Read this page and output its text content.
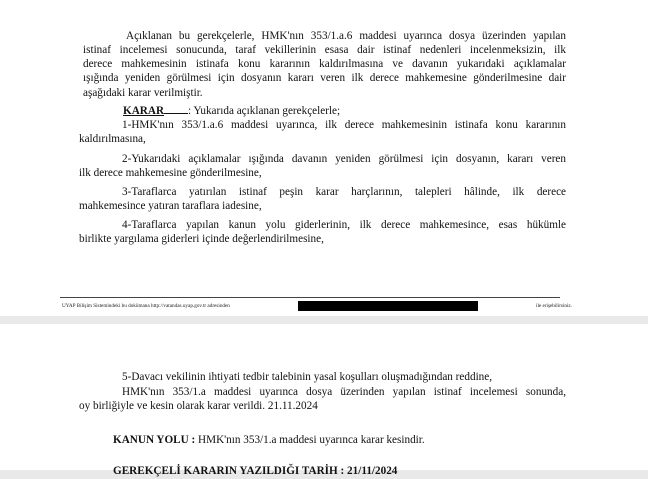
Açıklanan bu gerekçelerle, HMK'nın 353/1.a.6 maddesi uyarınca dosya üzerinden yapılan
istinaf incelemesi sonucunda, taraf vekillerinin esasa dair istinaf nedenleri incelenmeksizin, ilk
derece mahkemesinin istinafa konu kararının kaldırılmasına ve davanın yukarıdaki açıklamalar
ışığında yeniden görülmesi için dosyanın kararı veren ilk derece mahkemesine gönderilmesine dair
aşağıdaki karar verilmiştir.
KARAR : Yukarıda açıklanan gerekçelerle;
1-HMK'nın 353/1.a.6 maddesi uyarınca, ilk derece mahkemesinin istinafa konu kararının
kaldırılmasına,
2-Yukarıdaki açıklamalar ışığında davanın yeniden görülmesi için dosyanın, kararı veren
ilk derece mahkemesine gönderilmesine,
3-Taraflarca yatırılan istinaf peşin karar harçlarının, talepleri hâlinde, ilk derece
mahkemesince yatıran taraflara iadesine,
4-Taraflarca yapılan kanun yolu giderlerinin, ilk derece mahkemesince, esas hükümle
birlikte yargılama giderleri içinde değerlendirilmesine,
UYAP Bilişim Sistemindeki bu dokümana http://vatandas.uyap.gov.tr adresinden	ile erişebilirsiniz.
5-Davacı vekilinin ihtiyati tedbir talebinin yasal koşulları oluşmadığından reddine,
HMK'nın 353/1.a maddesi uyarınca dosya üzerinden yapılan istinaf incelemesi sonunda,
oy birliğiyle ve kesin olarak karar verildi. 21.11.2024
KANUN YOLU : HMK'nın 353/1.a maddesi uyarınca karar kesindir.
GEREKÇELİ KARARIN YAZILDIĞI TARİH : 21/11/2024
